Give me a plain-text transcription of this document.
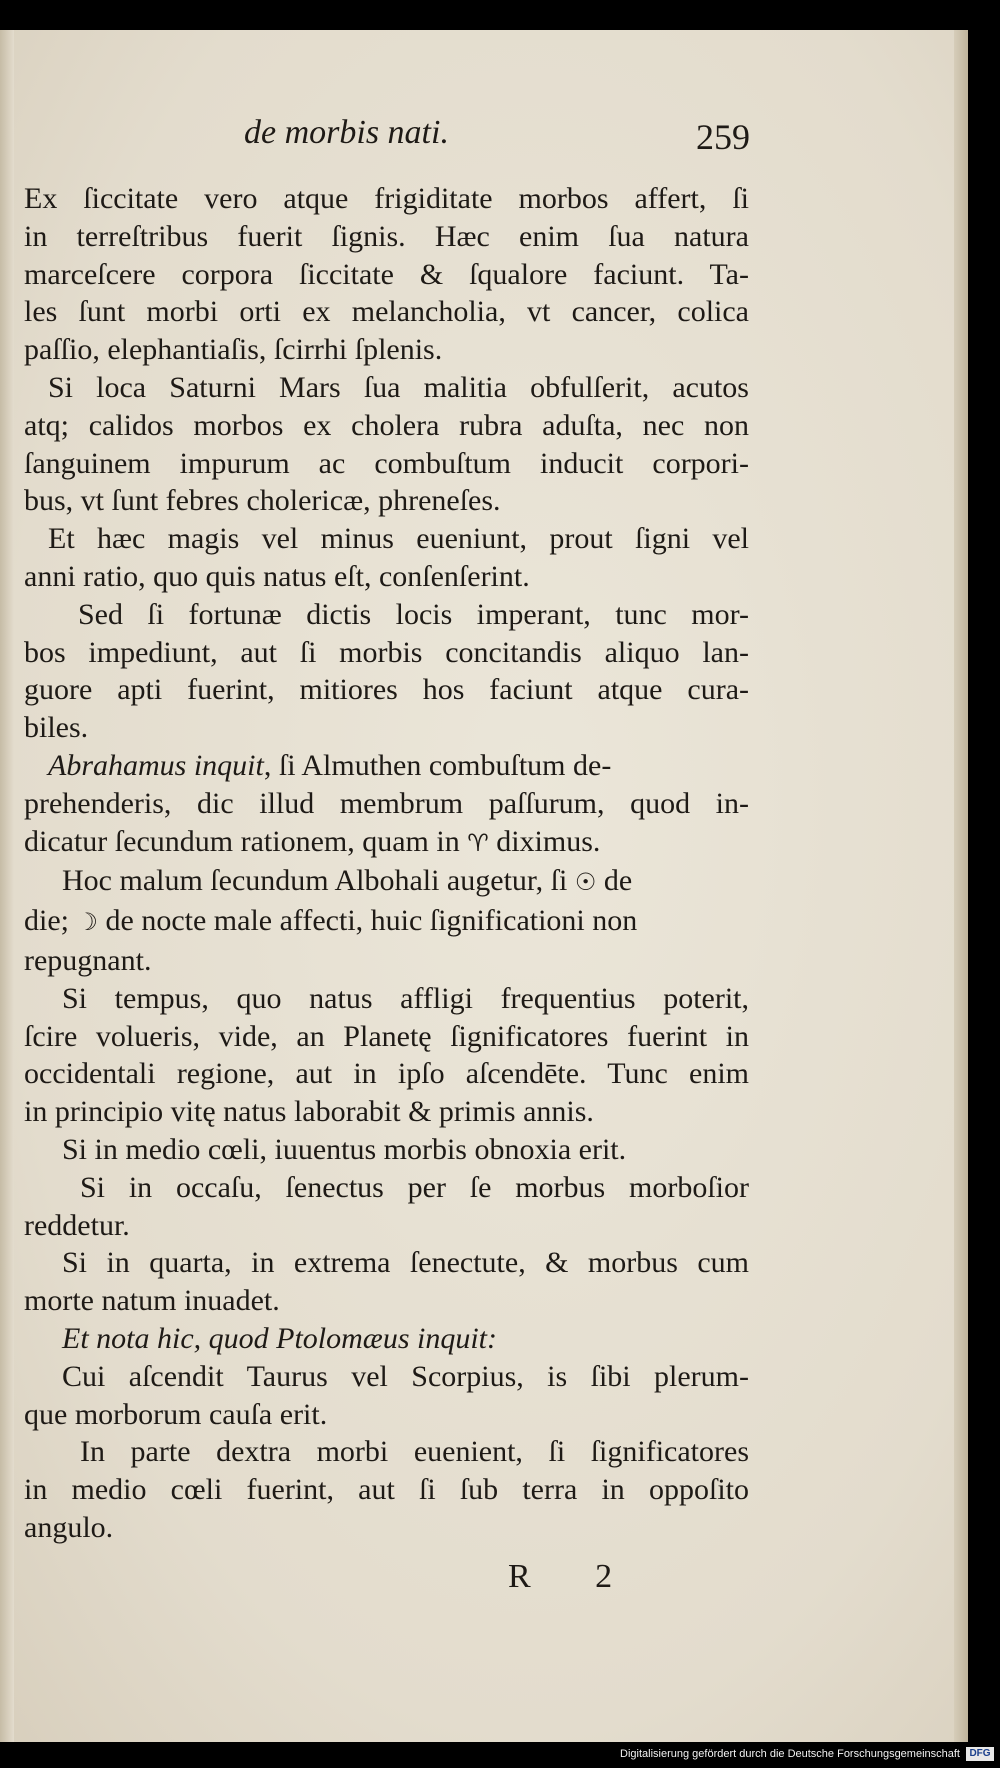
de morbis nati.	259
Ex ſiccitate vero atque frigiditate morbos affert, ſi
in terreſtribus fuerit ſignis. Hæc enim ſua natura
marceſcere corpora ſiccitate & ſqualore faciunt. Ta-
les ſunt morbi orti ex melancholia, vt cancer, colica
paſſio, elephantiaſis, ſcirrhi ſplenis.
Si loca Saturni Mars ſua malitia obfulſerit, acutos
atq; calidos morbos ex cholera rubra aduſta, nec non
ſanguinem impurum ac combuſtum inducit corpori-
bus, vt ſunt febres cholericæ, phreneſes.
Et hæc magis vel minus eueniunt, prout ſigni vel
anni ratio, quo quis natus eſt, conſenſerint.
Sed ſi fortunæ dictis locis imperant, tunc mor-
bos impediunt, aut ſi morbis concitandis aliquo lan-
guore apti fuerint, mitiores hos faciunt atque cura-
biles.
Abrahamus inquit, ſi Almuthen combuſtum de-
prehenderis, dic illud membrum paſſurum, quod in-
dicatur ſecundum rationem, quam in ♈ diximus.
Hoc malum ſecundum Albohali augetur, ſi ☉ de
die; ☽ de nocte male affecti, huic ſignificationi non
repugnant.
Si tempus, quo natus affligi frequentius poterit,
ſcire volueris, vide, an Planetę ſignificatores fuerint in
occidentali regione, aut in ipſo aſcendēte. Tunc enim
in principio vitę natus laborabit & primis annis.
Si in medio cœli, iuuentus morbis obnoxia erit.
Si in occaſu, ſenectus per ſe morbus morboſior
reddetur.
Si in quarta, in extrema ſenectute, & morbus cum
morte natum inuadet.
Et nota hic, quod Ptolomæus inquit:
Cui aſcendit Taurus vel Scorpius, is ſibi plerum-
que morborum cauſa erit.
In parte dextra morbi euenient, ſi ſignificatores
in medio cœli fuerint, aut ſi ſub terra in oppoſito
angulo.
R 2
Digitalisierung gefördert durch die Deutsche Forschungsgemeinschaft DFG
